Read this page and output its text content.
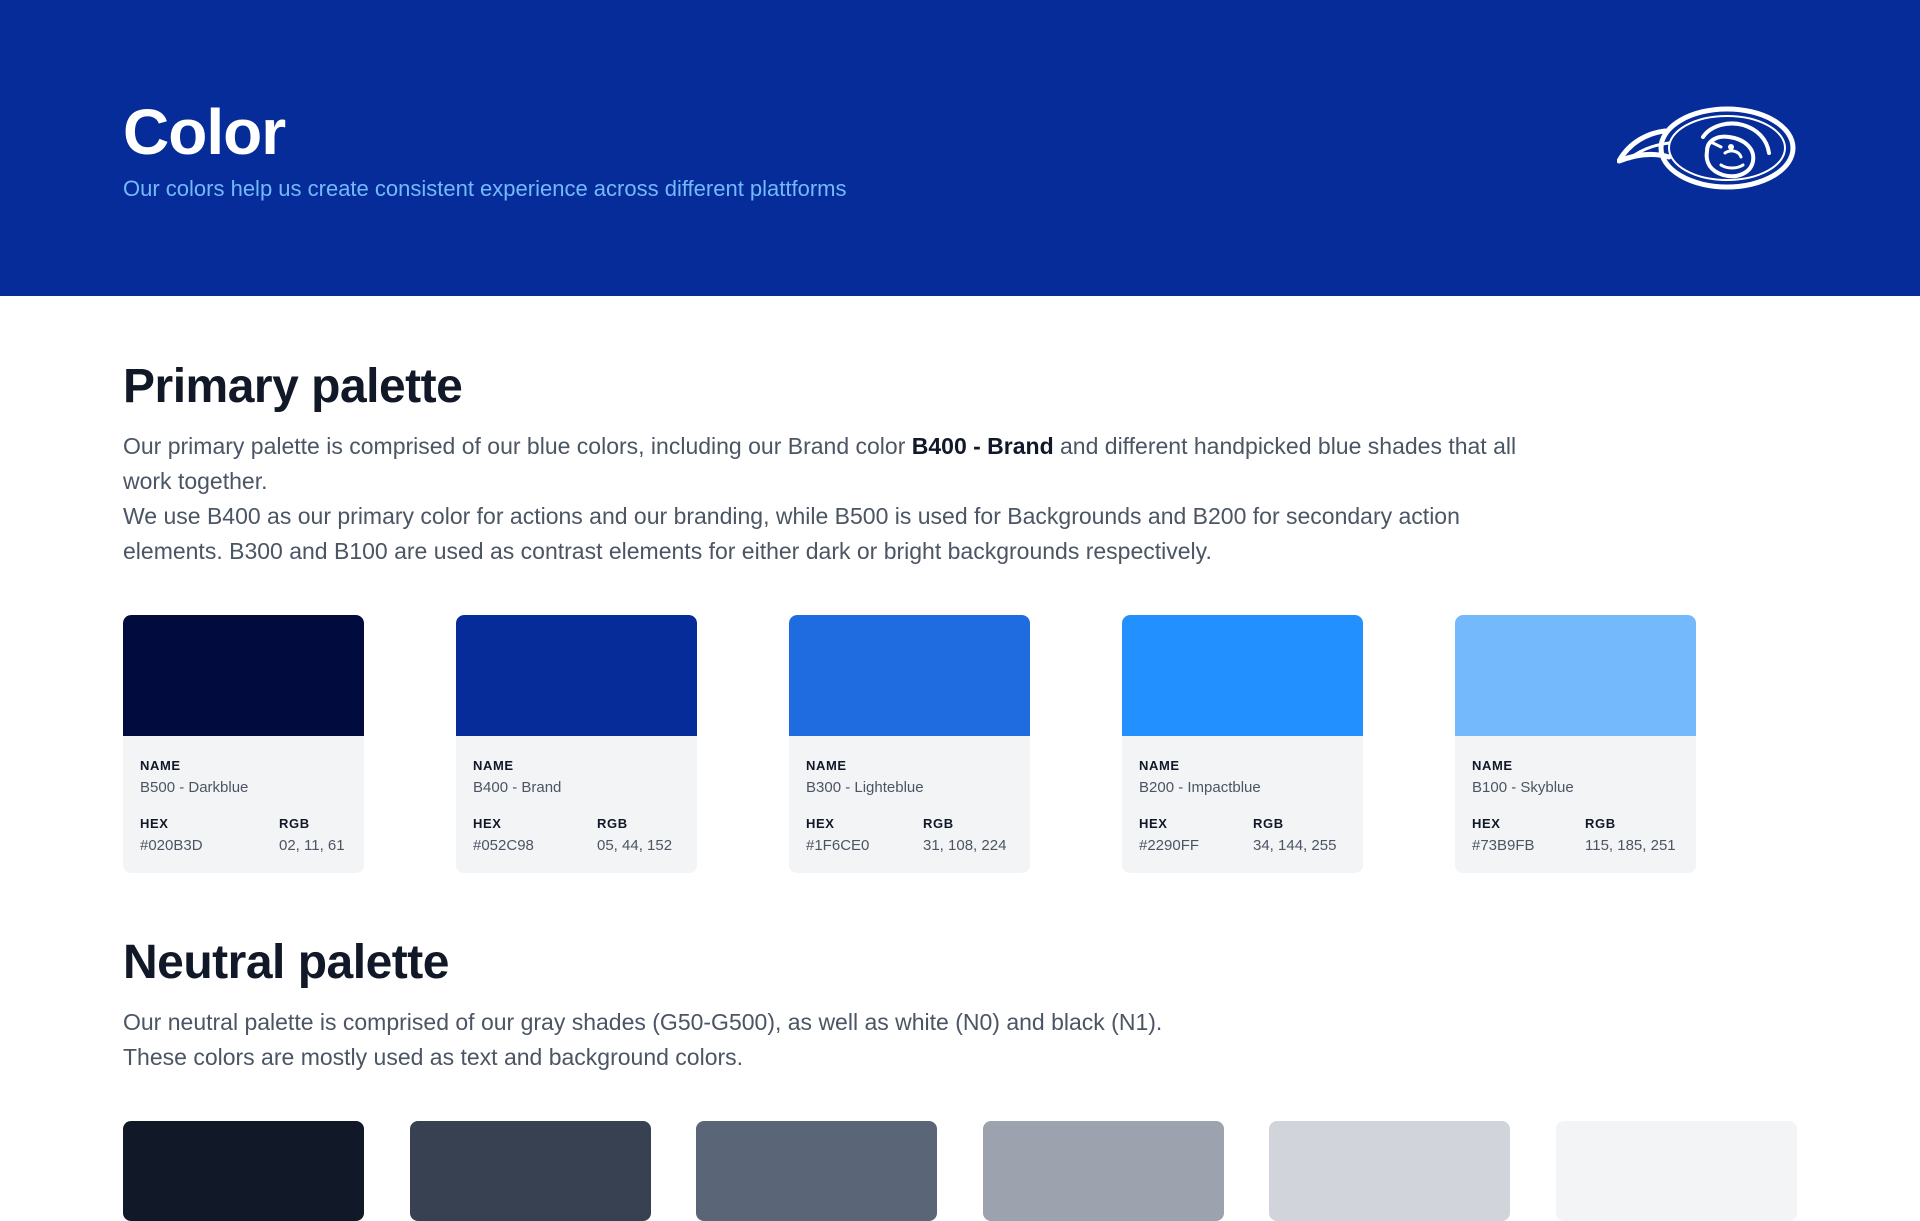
Color

Our colors help us create consistent experience across different plattforms

Primary palette

Our primary palette is comprised of our blue colors, including our Brand color B400 - Brand and different handpicked blue shades that all work together.

We use B400 as our primary color for actions and our branding, while B500 is used for Backgrounds and B200 for secondary action elements. B300 and B100 are used as contrast elements for either dark or bright backgrounds respectively.

NAME
B500 - Darkblue
HEX
#020B3D
RGB
02, 11, 61
NAME
B400 - Brand
HEX
#052C98
RGB
05, 44, 152
NAME
B300 - Lighteblue
HEX
#1F6CE0
RGB
31, 108, 224
NAME
B200 - Impactblue
HEX
#2290FF
RGB
34, 144, 255
NAME
B100 - Skyblue
HEX
#73B9FB
RGB
115, 185, 251
Neutral palette

Our neutral palette is comprised of our gray shades (G50-G500), as well as white (N0) and black (N1).

These colors are mostly used as text and background colors.
